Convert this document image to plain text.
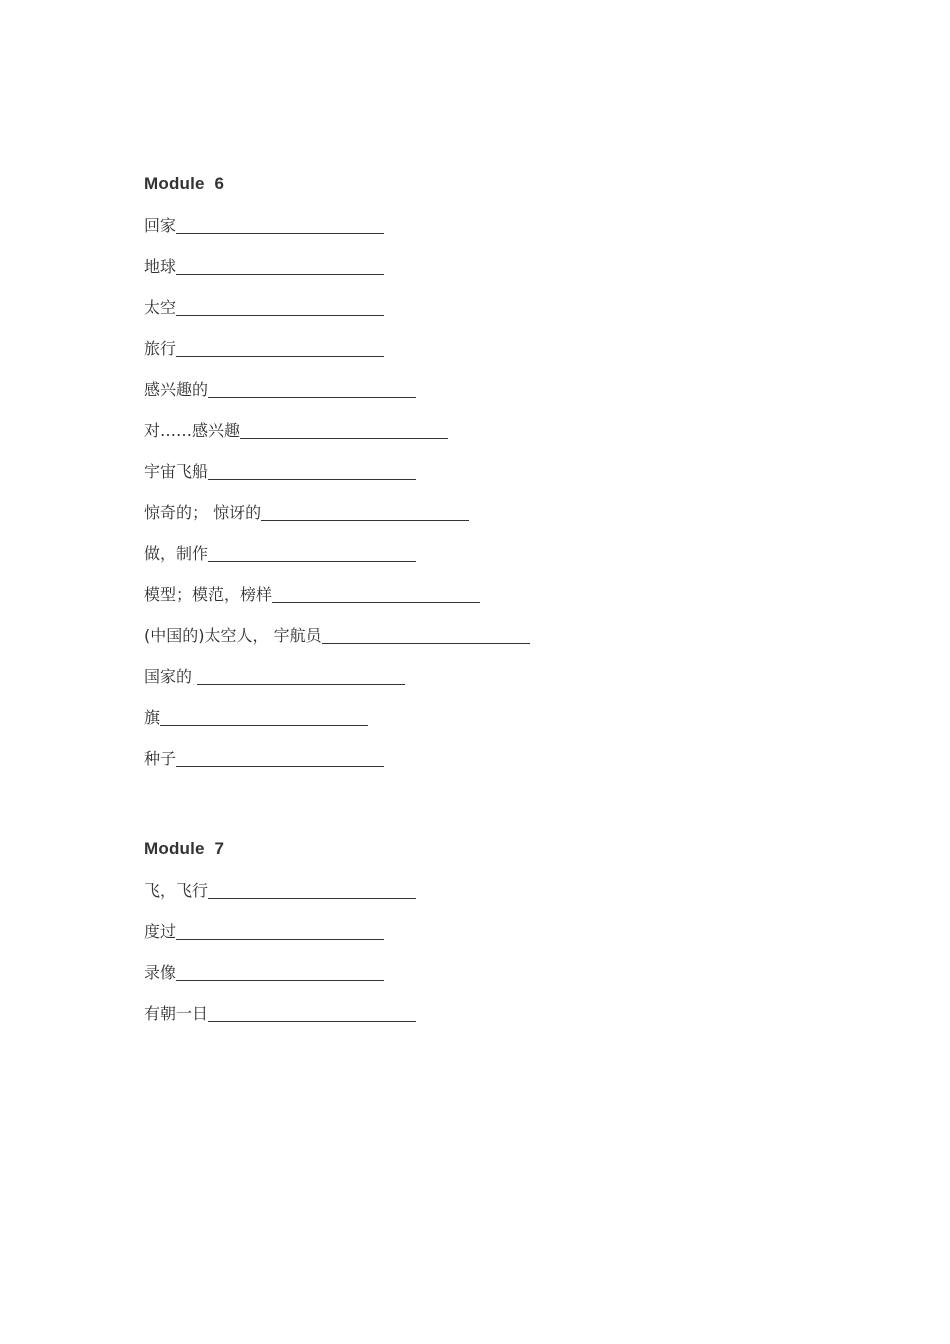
Module  6
回家
地球
太空
旅行
感兴趣的
对……感兴趣
宇宙飞船
惊奇的； 惊讶的
做，制作
模型；模范，榜样
(中国的)太空人， 宇航员
国家的
旗
种子
Module  7
飞，飞行
度过
录像
有朝一日
